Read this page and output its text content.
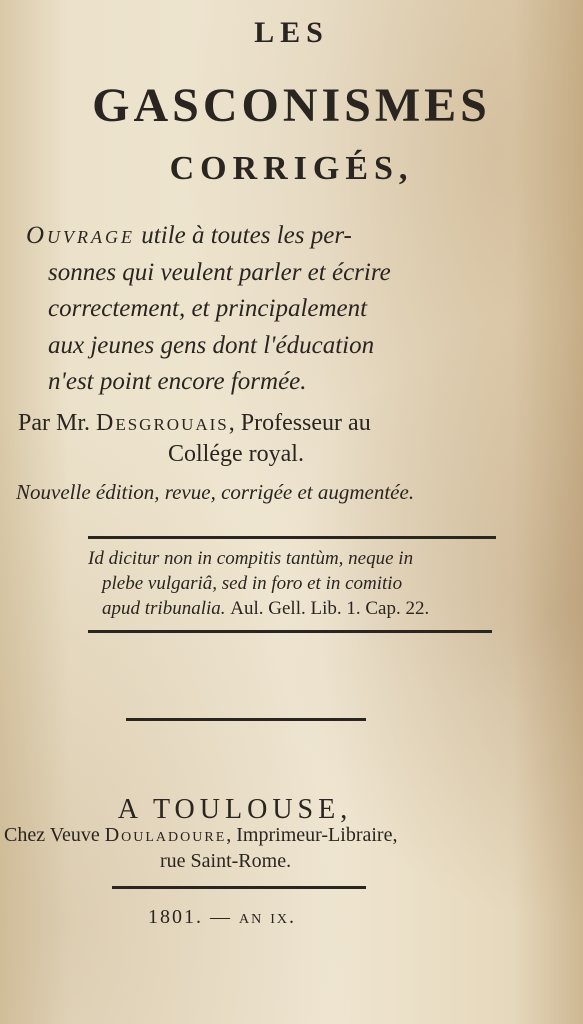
LES
GASCONISMES
CORRIGÉS,
Ouvrage utile à toutes les per-
sonnes qui veulent parler et écrire
correctement, et principalement
aux jeunes gens dont l'éducation
n'est point encore formée.
Par Mr. Desgrouais, Professeur au
Collége royal.
Nouvelle édition, revue, corrigée et augmentée.
Id dicitur non in compitis tantùm, neque in
plebe vulgariâ, sed in foro et in comitio
apud tribunalia. Aul. Gell. Lib. 1. Cap. 22.
A TOULOUSE,
Chez Veuve Douladoure, Imprimeur-Libraire,
rue Saint-Rome.
1801. — an ix.
